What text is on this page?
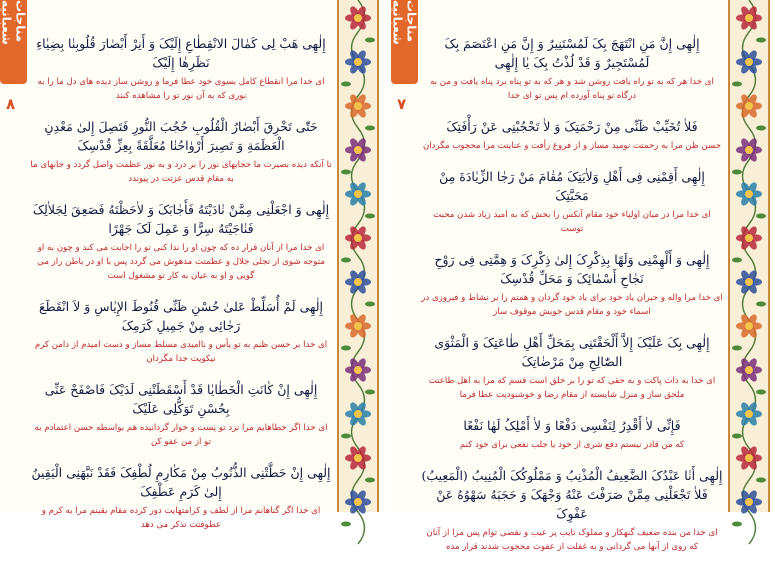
مناجات شعبانیه
۸

إِلٰهِی هَبْ لِی کَمٰالَ الانْقِطٰاعِ إِلَیْکَ وَ أَنِرْ أَبْصٰارَ قُلُوبِنٰا بِضِیٰاءِ نَظَرِهٰا إِلَیْکَ

ای خدا مرا انقطاع کامل بسوی خود عطا فرما و روشن ساز دیده های دل ما را به نوری که به آن نور تو را مشاهده کنند

حَتّٰی تَخْرِقَ أَبْصٰارُ الْقُلُوبِ حُجُبَ النُّورِ فَتَصِلَ إِلیٰ مَعْدِنِ الْعَظَمَةِ وَ تَصِیرَ أَرْوٰاحُنٰا مُعَلَّقَةً بِعِزِّ قُدْسِکَ

تا آنکه دیده بصیرت ما حجابهای نور را بر درد و به نور عظمت واصل گردد و جانهای ما به مقام قدس عزتت در پیوندد

إِلٰهِی وَ اجْعَلْنِی مِمَّنْ نٰادَیْتَهُ فَأَجٰابَکَ وَ لاٰحَظْتَهُ فَصَعِقَ لِجَلاٰلِکَ فَنٰاجَیْتَهُ سِرًّا وَ عَمِلَ لَکَ جَهْرًا

ای خدا مرا از آنان قرار ده که چون او را ندا کنی تو را اجابت می کند و چون به او متوجه شوی از تجلی جلال و عظمتت مدهوش می گردد پس با او در باطن راز می گویی و او به عیان به کار تو مشغول است

إِلٰهِی لَمْ أُسَلِّطْ عَلیٰ حُسْنِ ظَنِّی قُنُوطَ الإِیٰاسِ وَ لاَ انْقَطَعَ رَجٰائِی مِنْ جَمِیلِ کَرَمِکَ

ای خدا بر حسن ظنم به تو یأس و ناامیدی مسلط مساز و دست امیدم از دامن کرم نیکویت جدا مگردان

إِلٰهِی إِنْ کٰانَتِ الْخَطٰایٰا قَدْ أَسْقَطَتْنِی لَدَیْکَ فَاصْفَحْ عَنِّی بِحُسْنِ تَوَکُّلِی عَلَیْکَ

ای خدا اگر خطاهایم مرا نزد تو پست و خوار گردانیده هم بواسطه حسن اعتمادم به تو از من عفو کن

إِلٰهِی إِنْ حَطَّتْنِی الذُّنُوبُ مِنْ مَکٰارِمِ لُطْفِکَ فَقَدْ نَبَّهَنِی الْیَقِینُ إِلیٰ کَرَمِ عَطْفِکَ

ای خدا اگر گناهانم مرا از لطف و کرامتهایت دور کرده مقام یقینم مرا به کرم و عطوفتت تذکر می دهد

مناجات شعبانیه
۷

إِلٰهِی إِنَّ مَنِ انْتَهَجَ بِکَ لَمُسْتَنِیرٌ وَ إِنَّ مَنِ اعْتَصَمَ بِکَ لَمُسْتَجِیرٌ وَ قَدْ لُذْتُ بِکَ یٰا إِلٰهِی

ای خدا هر که به تو راه یافت روشن شد و هر که به تو پناه برد پناه یافت و من به درگاه تو پناه آورده ام پس تو ای خدا

فَلاٰ تُخَیِّبْ ظَنِّی مِنْ رَحْمَتِکَ وَ لاٰ تَحْجُبْنِی عَنْ رَأْفَتِکَ

حسن ظن مرا به رحمتت نومید مساز و از فروغ رأفت و عنایتت مرا محجوب مگردان

إِلٰهِی أَقِمْنِی فِی أَهْلِ وَلاٰیَتِکَ مُقٰامَ مَنْ رَجٰا الزِّیٰادَةَ مِنْ مَحَبَّتِکَ

ای خدا مرا در میان اولیاء خود مقام آنکس را بخش که به امید زیاد شدن محبت توست

إِلٰهِی وَ أَلْهِمْنِی وَلَهًا بِذِکْرِکَ إِلیٰ ذِکْرِکَ وَ هِمَّتِی فِی رَوْحِ نَجٰاحِ أَسْمٰائِکَ وَ مَحَلِّ قُدْسِکَ

ای خدا مرا واله و حیران یاد خود برای یاد خود گردان و همتم را بر نشاط و فیروزی در اسماء خود و مقام قدس خویش موقوف ساز

إِلٰهِی بِکَ عَلَیْکَ إِلاَّ أَلْحَقْتَنِی بِمَحَلِّ أَهْلِ طٰاعَتِکَ وَ الْمَثْوَی الصّٰالِحِ مِنْ مَرْضٰاتِکَ

ای خدا به ذات پاکت و به حقی که تو را بر خلق است قسم که مرا به اهل طاعتت ملحق ساز و منزل شایسته از مقام رضا و خوشنودیت عطا فرما

فَإِنِّی لاٰ أَقْدِرُ لِنَفْسِی دَفْعًا وَ لاٰ أَمْلِکُ لَهٰا نَفْعًا

که من قادر نیستم دفع شری از خود یا جلب نفعی برای خود کنم

إِلٰهِی أَنٰا عَبْدُکَ الضَّعِیفُ الْمُذْنِبُ وَ مَمْلُوکُکَ الْمُنِیبُ (الْمَعِیبُ) فَلاٰ تَجْعَلْنِی مِمَّنْ صَرَفْتَ عَنْهُ وَجْهَکَ وَ حَجَبَهُ سَهْوُهُ عَنْ عَفْوِکَ

ای خدا من بنده ضعیف گنهکار و مملوک تایب پر عیب و نقصی توام پس مرا از آنان که روی از آنها می گردانی و به غفلت از عفوت محجوب شدند قرار مده
